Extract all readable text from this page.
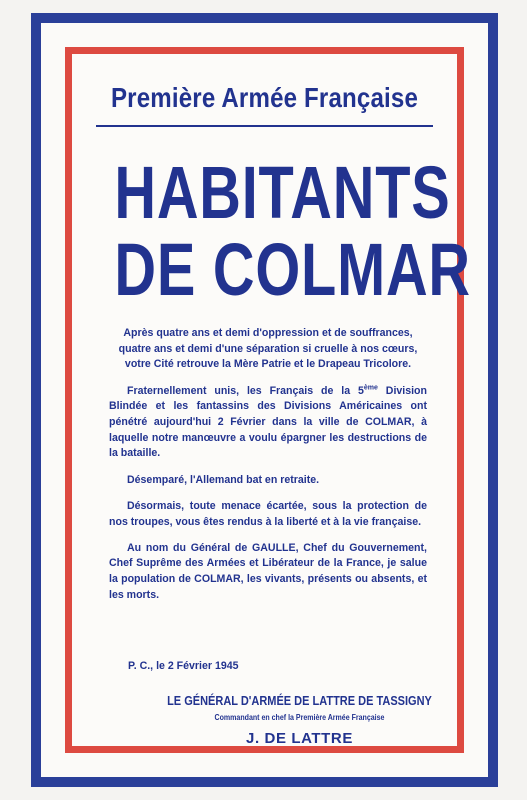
Première Armée Française
HABITANTS
DE COLMAR

Après quatre ans et demi d'oppression et de souffrances, quatre ans et demi d'une séparation si cruelle à nos cœurs, votre Cité retrouve la Mère Patrie et le Drapeau Tricolore.

Fraternellement unis, les Français de la 5ème Division Blindée et les fantassins des Divisions Américaines ont pénétré aujourd'hui 2 Février dans la ville de COLMAR, à laquelle notre manœuvre a voulu épargner les destructions de la bataille.

Désemparé, l'Allemand bat en retraite.

Désormais, toute menace écartée, sous la protection de nos troupes, vous êtes rendus à la liberté et à la vie française.

Au nom du Général de GAULLE, Chef du Gouvernement, Chef Suprême des Armées et Libérateur de la France, je salue la population de COLMAR, les vivants, présents ou absents, et les morts.

P. C., le 2 Février 1945
LE GÉNÉRAL D'ARMÉE DE LATTRE DE TASSIGNY
Commandant en chef la Première Armée Française
J. DE LATTRE
